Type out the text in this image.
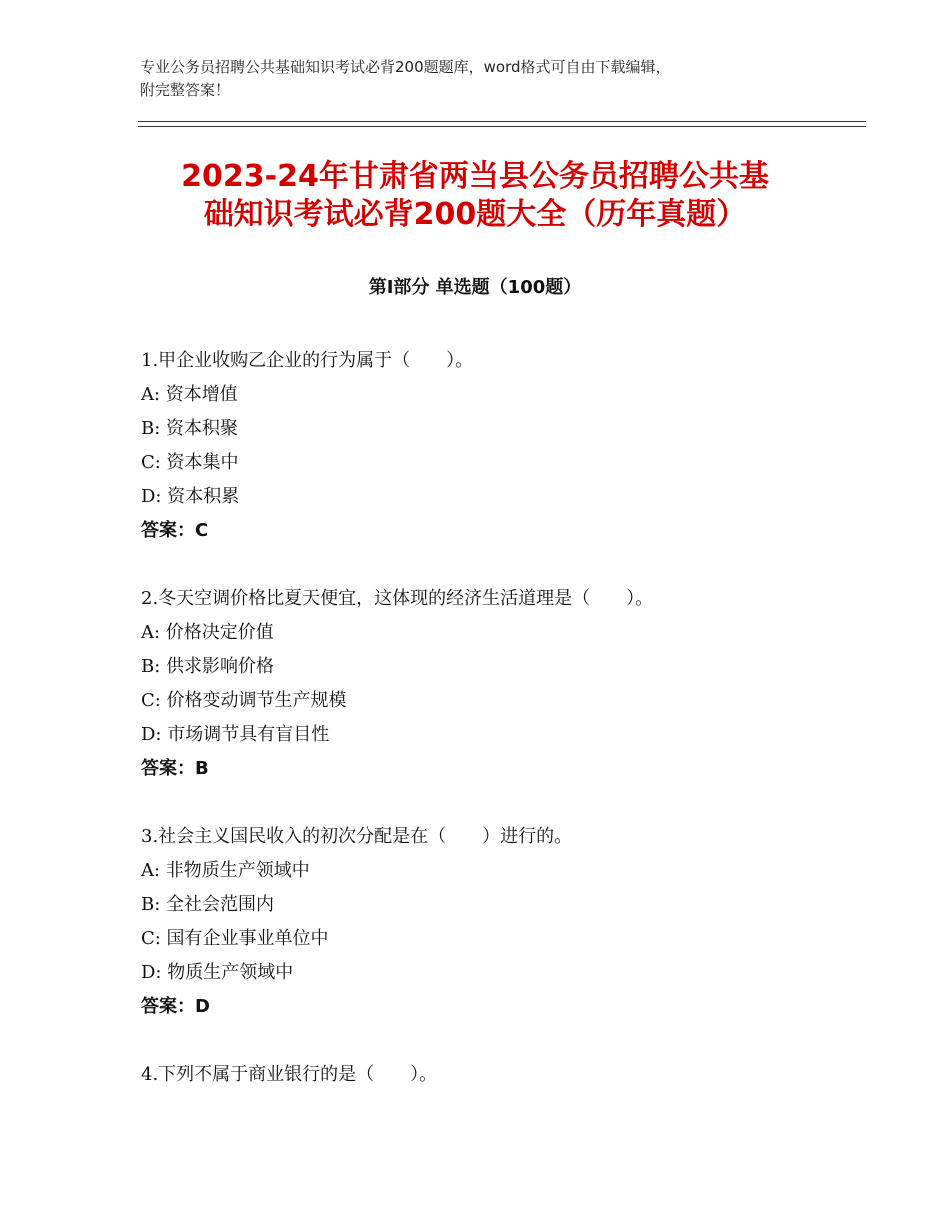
专业公务员招聘公共基础知识考试必背200题题库，word格式可自由下载编辑，
附完整答案！
2023-24年甘肃省两当县公务员招聘公共基
础知识考试必背200题大全（历年真题）
第Ⅰ部分 单选题（100题）
1.甲企业收购乙企业的行为属于（　　）。
A: 资本增值
B: 资本积聚
C: 资本集中
D: 资本积累
答案：C
2.冬天空调价格比夏天便宜，这体现的经济生活道理是（　　）。
A: 价格决定价值
B: 供求影响价格
C: 价格变动调节生产规模
D: 市场调节具有盲目性
答案：B
3.社会主义国民收入的初次分配是在（　　）进行的。
A: 非物质生产领域中
B: 全社会范围内
C: 国有企业事业单位中
D: 物质生产领域中
答案：D
4.下列不属于商业银行的是（　　）。
